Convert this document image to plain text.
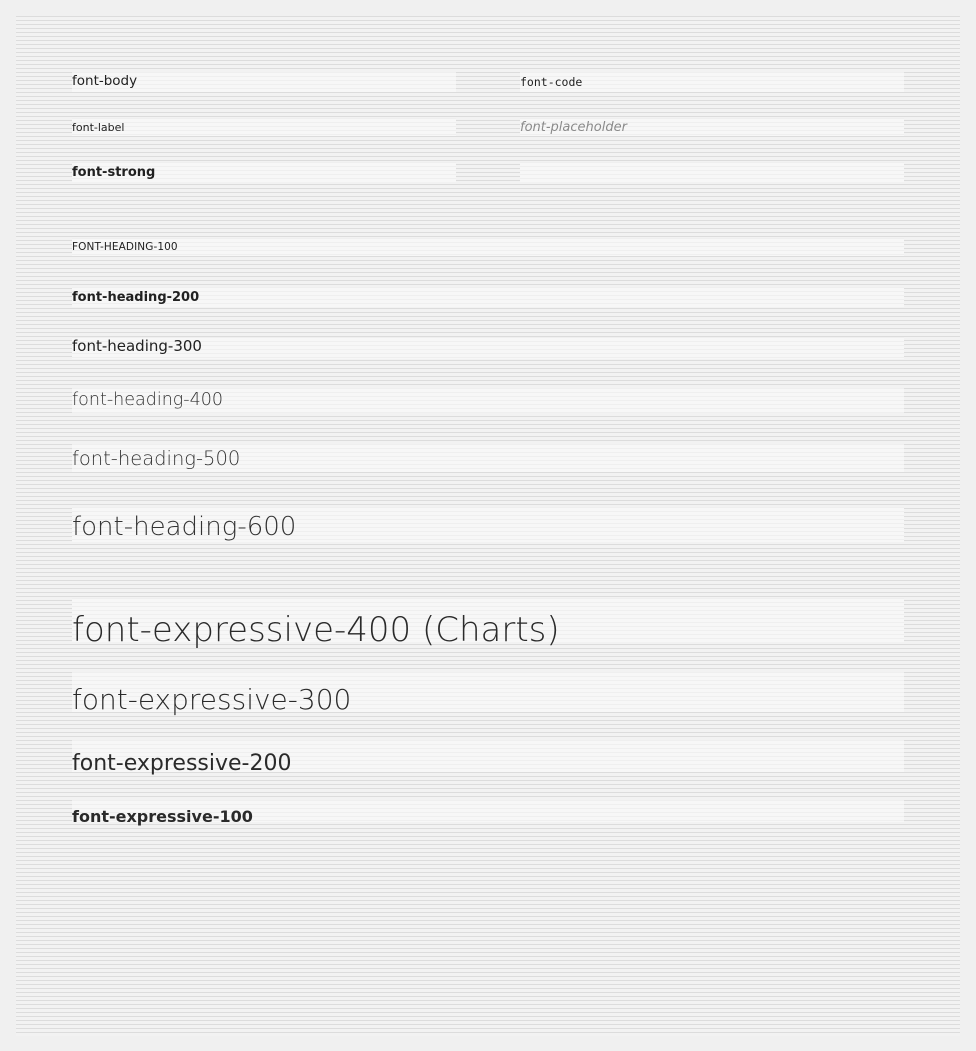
font-body	font-code
font-label	font-placeholder
font-strong
FONT-HEADING-100
font-heading-200
font-heading-300
font-heading-400
font-heading-500
font-heading-600
font-expressive-400 (Charts)
font-expressive-300
font-expressive-200
font-expressive-100
